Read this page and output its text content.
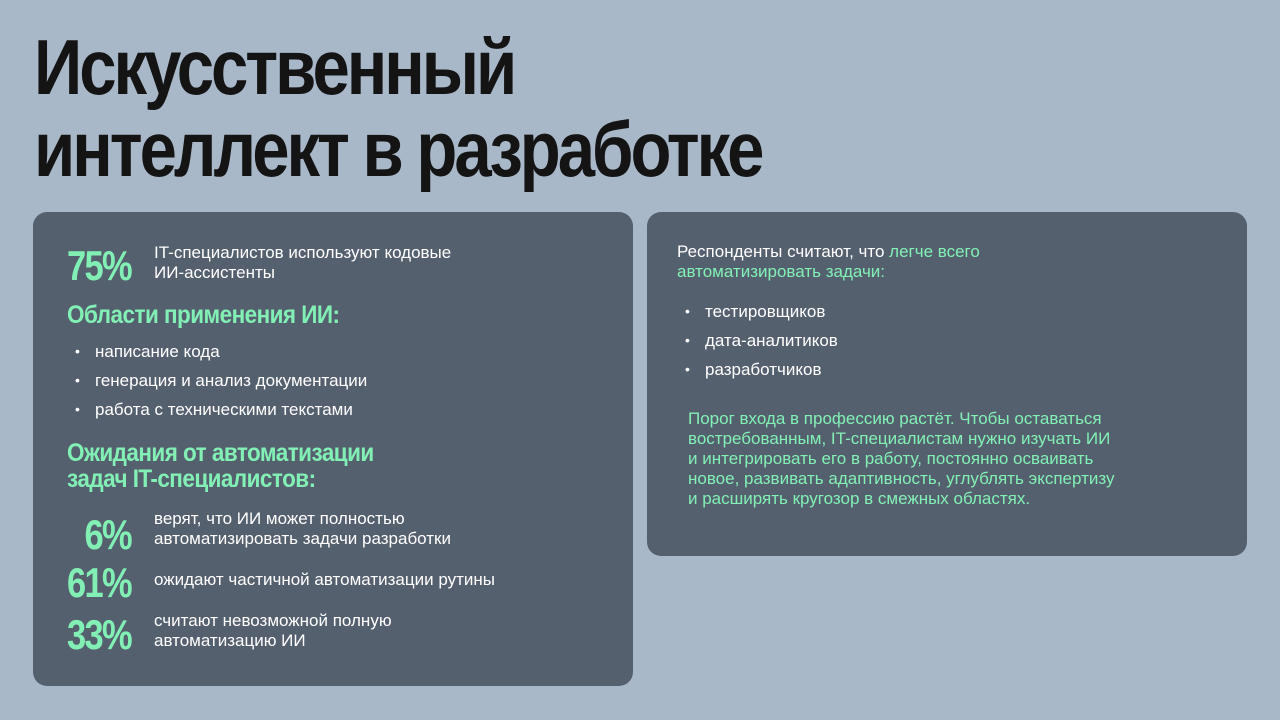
Искусственный
интеллект в разработке
75% IT-специалистов используют кодовые
ИИ-ассистенты
Области применения ИИ:
• написание кода
• генерация и анализ документации
• работа с техническими текстами
Ожидания от автоматизации
задач IT-специалистов:
6% верят, что ИИ может полностью
автоматизировать задачи разработки
61% ожидают частичной автоматизации рутины
33% считают невозможной полную
автоматизацию ИИ
Респонденты считают, что легче всего
автоматизировать задачи:
• тестировщиков
• дата-аналитиков
• разработчиков
Порог входа в профессию растёт. Чтобы оставаться
востребованным, IT-специалистам нужно изучать ИИ
и интегрировать его в работу, постоянно осваивать
новое, развивать адаптивность, углублять экспертизу
и расширять кругозор в смежных областях.
